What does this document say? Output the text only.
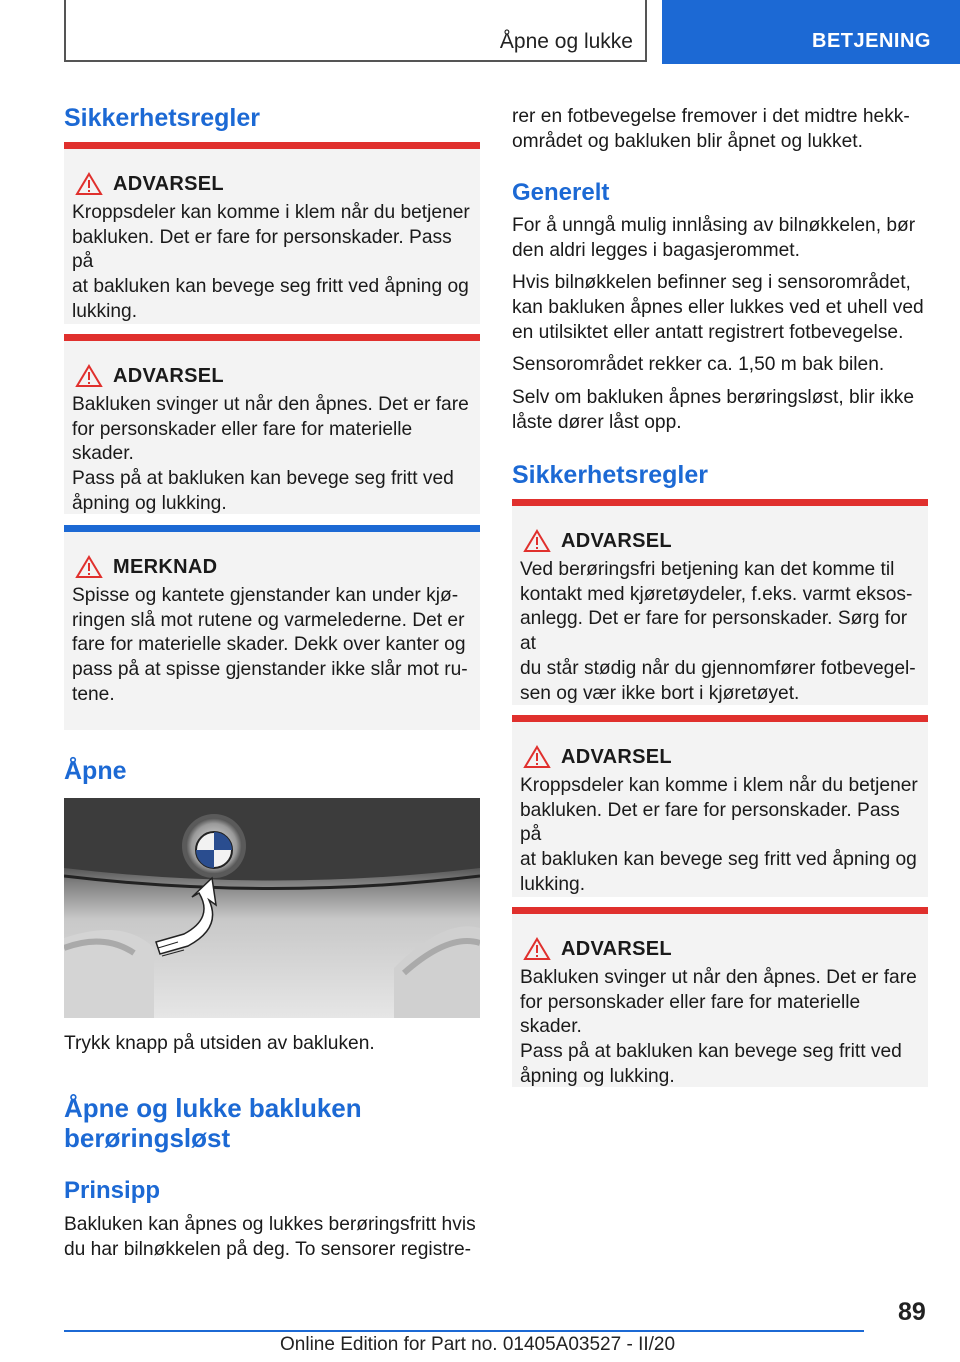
Åpne og lukke	BETJENING
Sikkerhetsregler
ADVARSEL

Kroppsdeler kan komme i klem når du betjener

bakluken. Det er fare for personskader. Pass på

at bakluken kan bevege seg fritt ved åpning og

lukking.

ADVARSEL

Bakluken svinger ut når den åpnes. Det er fare

for personskader eller fare for materielle skader.

Pass på at bakluken kan bevege seg fritt ved

åpning og lukking.

MERKNAD

Spisse og kantete gjenstander kan under kjø-

ringen slå mot rutene og varmelederne. Det er

fare for materielle skader. Dekk over kanter og

pass på at spisse gjenstander ikke slår mot ru-

tene.

Åpne

Trykk knapp på utsiden av bakluken.

Åpne og lukke bakluken
berøringsløst
Prinsipp

Bakluken kan åpnes og lukkes berøringsfritt hvis

du har bilnøkkelen på deg. To sensorer registre-

rer en fotbevegelse fremover i det midtre hekk-

området og bakluken blir åpnet og lukket.

Generelt

For å unngå mulig innlåsing av bilnøkkelen, bør

den aldri legges i bagasjerommet.

Hvis bilnøkkelen befinner seg i sensorområdet,

kan bakluken åpnes eller lukkes ved et uhell ved

en utilsiktet eller antatt registrert fotbevegelse.

Sensorområdet rekker ca. 1,50 m bak bilen.

Selv om bakluken åpnes berøringsløst, blir ikke

låste dører låst opp.

Sikkerhetsregler
ADVARSEL

Ved berøringsfri betjening kan det komme til

kontakt med kjøretøydeler, f.eks. varmt eksos-

anlegg. Det er fare for personskader. Sørg for at

du står stødig når du gjennomfører fotbevegel-

sen og vær ikke bort i kjøretøyet.

ADVARSEL

Kroppsdeler kan komme i klem når du betjener

bakluken. Det er fare for personskader. Pass på

at bakluken kan bevege seg fritt ved åpning og

lukking.

ADVARSEL

Bakluken svinger ut når den åpnes. Det er fare

for personskader eller fare for materielle skader.

Pass på at bakluken kan bevege seg fritt ved

åpning og lukking.

89
Online Edition for Part no. 01405A03527 - II/20
